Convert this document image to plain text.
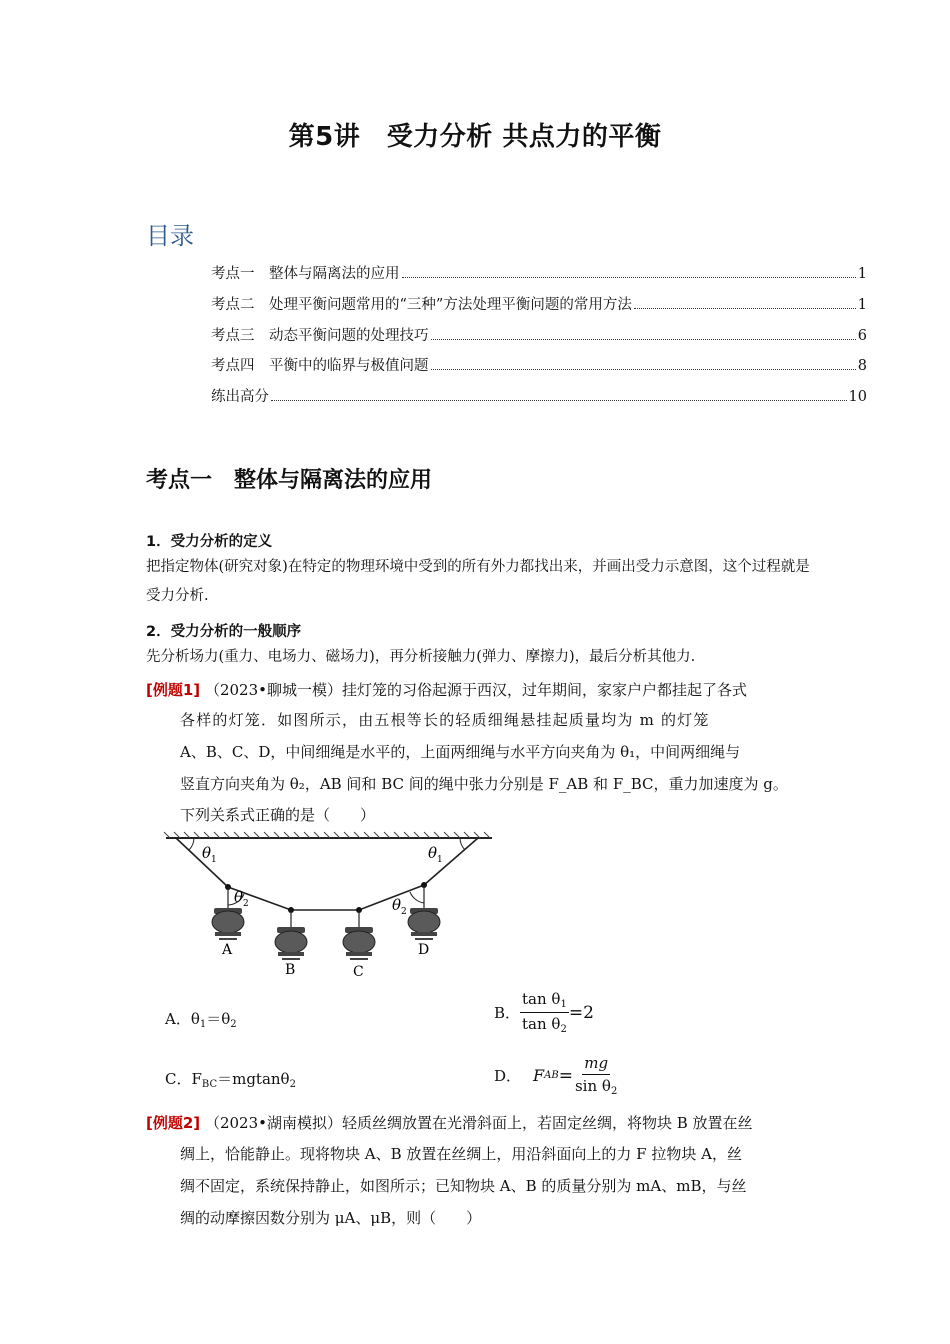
第5讲　受力分析 共点力的平衡
目录
考点一　整体与隔离法的应用	1
考点二　处理平衡问题常用的“三种”方法处理平衡问题的常用方法	1
考点三　动态平衡问题的处理技巧	6
考点四　平衡中的临界与极值问题	8
练出高分	10
考点一　整体与隔离法的应用
1．受力分析的定义
把指定物体(研究对象)在特定的物理环境中受到的所有外力都找出来，并画出受力示意图，这个过程就是受力分析.
2．受力分析的一般顺序
先分析场力(重力、电场力、磁场力)，再分析接触力(弹力、摩擦力)，最后分析其他力.
[例题1] （2023•聊城一模）挂灯笼的习俗起源于西汉，过年期间，家家户户都挂起了各式
各样的灯笼．如图所示，由五根等长的轻质细绳悬挂起质量均为 m 的灯笼
A、B、C、D，中间细绳是水平的，上面两细绳与水平方向夹角为 θ₁，中间两细绳与
竖直方向夹角为 θ₂，AB 间和 BC 间的绳中张力分别是 F_AB 和 F_BC，重力加速度为 g。
下列关系式正确的是（　　）
θ 1	θ 1
θ 2	θ 2
A
B	C
D
A．$\theta_1=\theta_2$
B． $\frac{\tan \theta_1}{\tan \theta_2} =2$
C．$F_{BC}=mgtan\theta_2$	D． F AB = $\frac{mg}{\sin \theta_2}$
[例题2] （2023•湖南模拟）轻质丝绸放置在光滑斜面上，若固定丝绸，将物块 B 放置在丝
绸上，恰能静止。现将物块 A、B 放置在丝绸上，用沿斜面向上的力 F 拉物块 A，丝
绸不固定，系统保持静止，如图所示；已知物块 A、B 的质量分别为 mA、mB，与丝
绸的动摩擦因数分别为 μA、μB，则（　　）
